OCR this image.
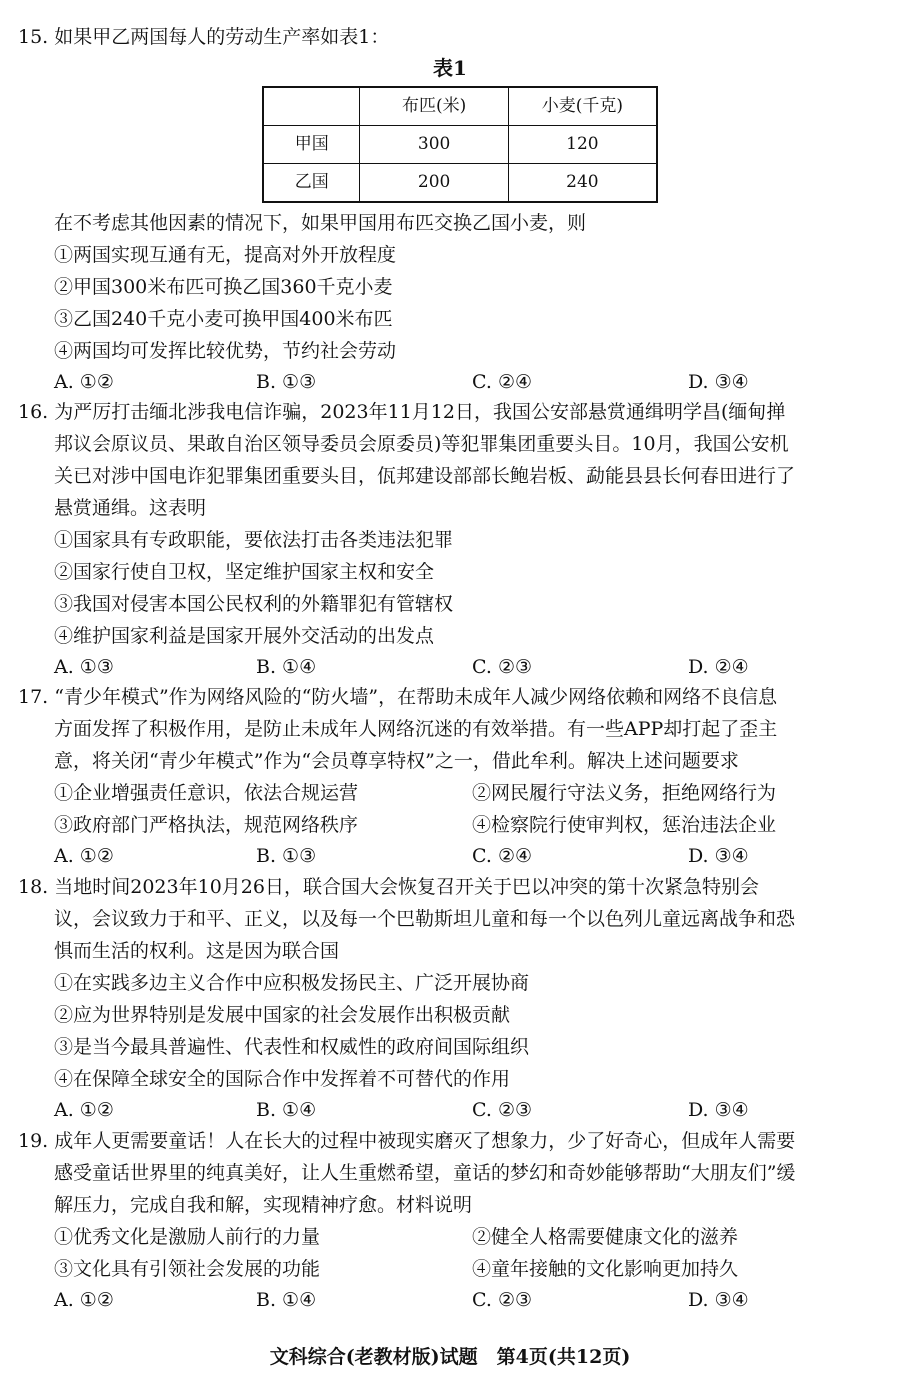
15. 如果甲乙两国每人的劳动生产率如表1：
表1
	布匹(米)	小麦(千克)
甲国	300	120
乙国	200	240
在不考虑其他因素的情况下，如果甲国用布匹交换乙国小麦，则
①两国实现互通有无，提高对外开放程度
②甲国300米布匹可换乙国360千克小麦
③乙国240千克小麦可换甲国400米布匹
④两国均可发挥比较优势，节约社会劳动
A. ①②	B. ①③	C. ②④	D. ③④
16. 为严厉打击缅北涉我电信诈骗，2023年11月12日，我国公安部悬赏通缉明学昌(缅甸掸
邦议会原议员、果敢自治区领导委员会原委员)等犯罪集团重要头目。10月，我国公安机
关已对涉中国电诈犯罪集团重要头目，佤邦建设部部长鲍岩板、勐能县县长何春田进行了
悬赏通缉。这表明
①国家具有专政职能，要依法打击各类违法犯罪
②国家行使自卫权，坚定维护国家主权和安全
③我国对侵害本国公民权利的外籍罪犯有管辖权
④维护国家利益是国家开展外交活动的出发点
A. ①③	B. ①④	C. ②③	D. ②④
17. “青少年模式”作为网络风险的“防火墙”，在帮助未成年人减少网络依赖和网络不良信息
方面发挥了积极作用，是防止未成年人网络沉迷的有效举措。有一些APP却打起了歪主
意，将关闭“青少年模式”作为“会员尊享特权”之一，借此牟利。解决上述问题要求
①企业增强责任意识，依法合规运营	②网民履行守法义务，拒绝网络行为
③政府部门严格执法，规范网络秩序	④检察院行使审判权，惩治违法企业
A. ①②	B. ①③	C. ②④	D. ③④
18. 当地时间2023年10月26日，联合国大会恢复召开关于巴以冲突的第十次紧急特别会
议，会议致力于和平、正义，以及每一个巴勒斯坦儿童和每一个以色列儿童远离战争和恐
惧而生活的权利。这是因为联合国
①在实践多边主义合作中应积极发扬民主、广泛开展协商
②应为世界特别是发展中国家的社会发展作出积极贡献
③是当今最具普遍性、代表性和权威性的政府间国际组织
④在保障全球安全的国际合作中发挥着不可替代的作用
A. ①②	B. ①④	C. ②③	D. ③④
19. 成年人更需要童话！人在长大的过程中被现实磨灭了想象力，少了好奇心，但成年人需要
感受童话世界里的纯真美好，让人生重燃希望，童话的梦幻和奇妙能够帮助“大朋友们”缓
解压力，完成自我和解，实现精神疗愈。材料说明
①优秀文化是激励人前行的力量	②健全人格需要健康文化的滋养
③文化具有引领社会发展的功能	④童年接触的文化影响更加持久
A. ①②	B. ①④	C. ②③	D. ③④
文科综合(老教材版)试题　第4页(共12页)
